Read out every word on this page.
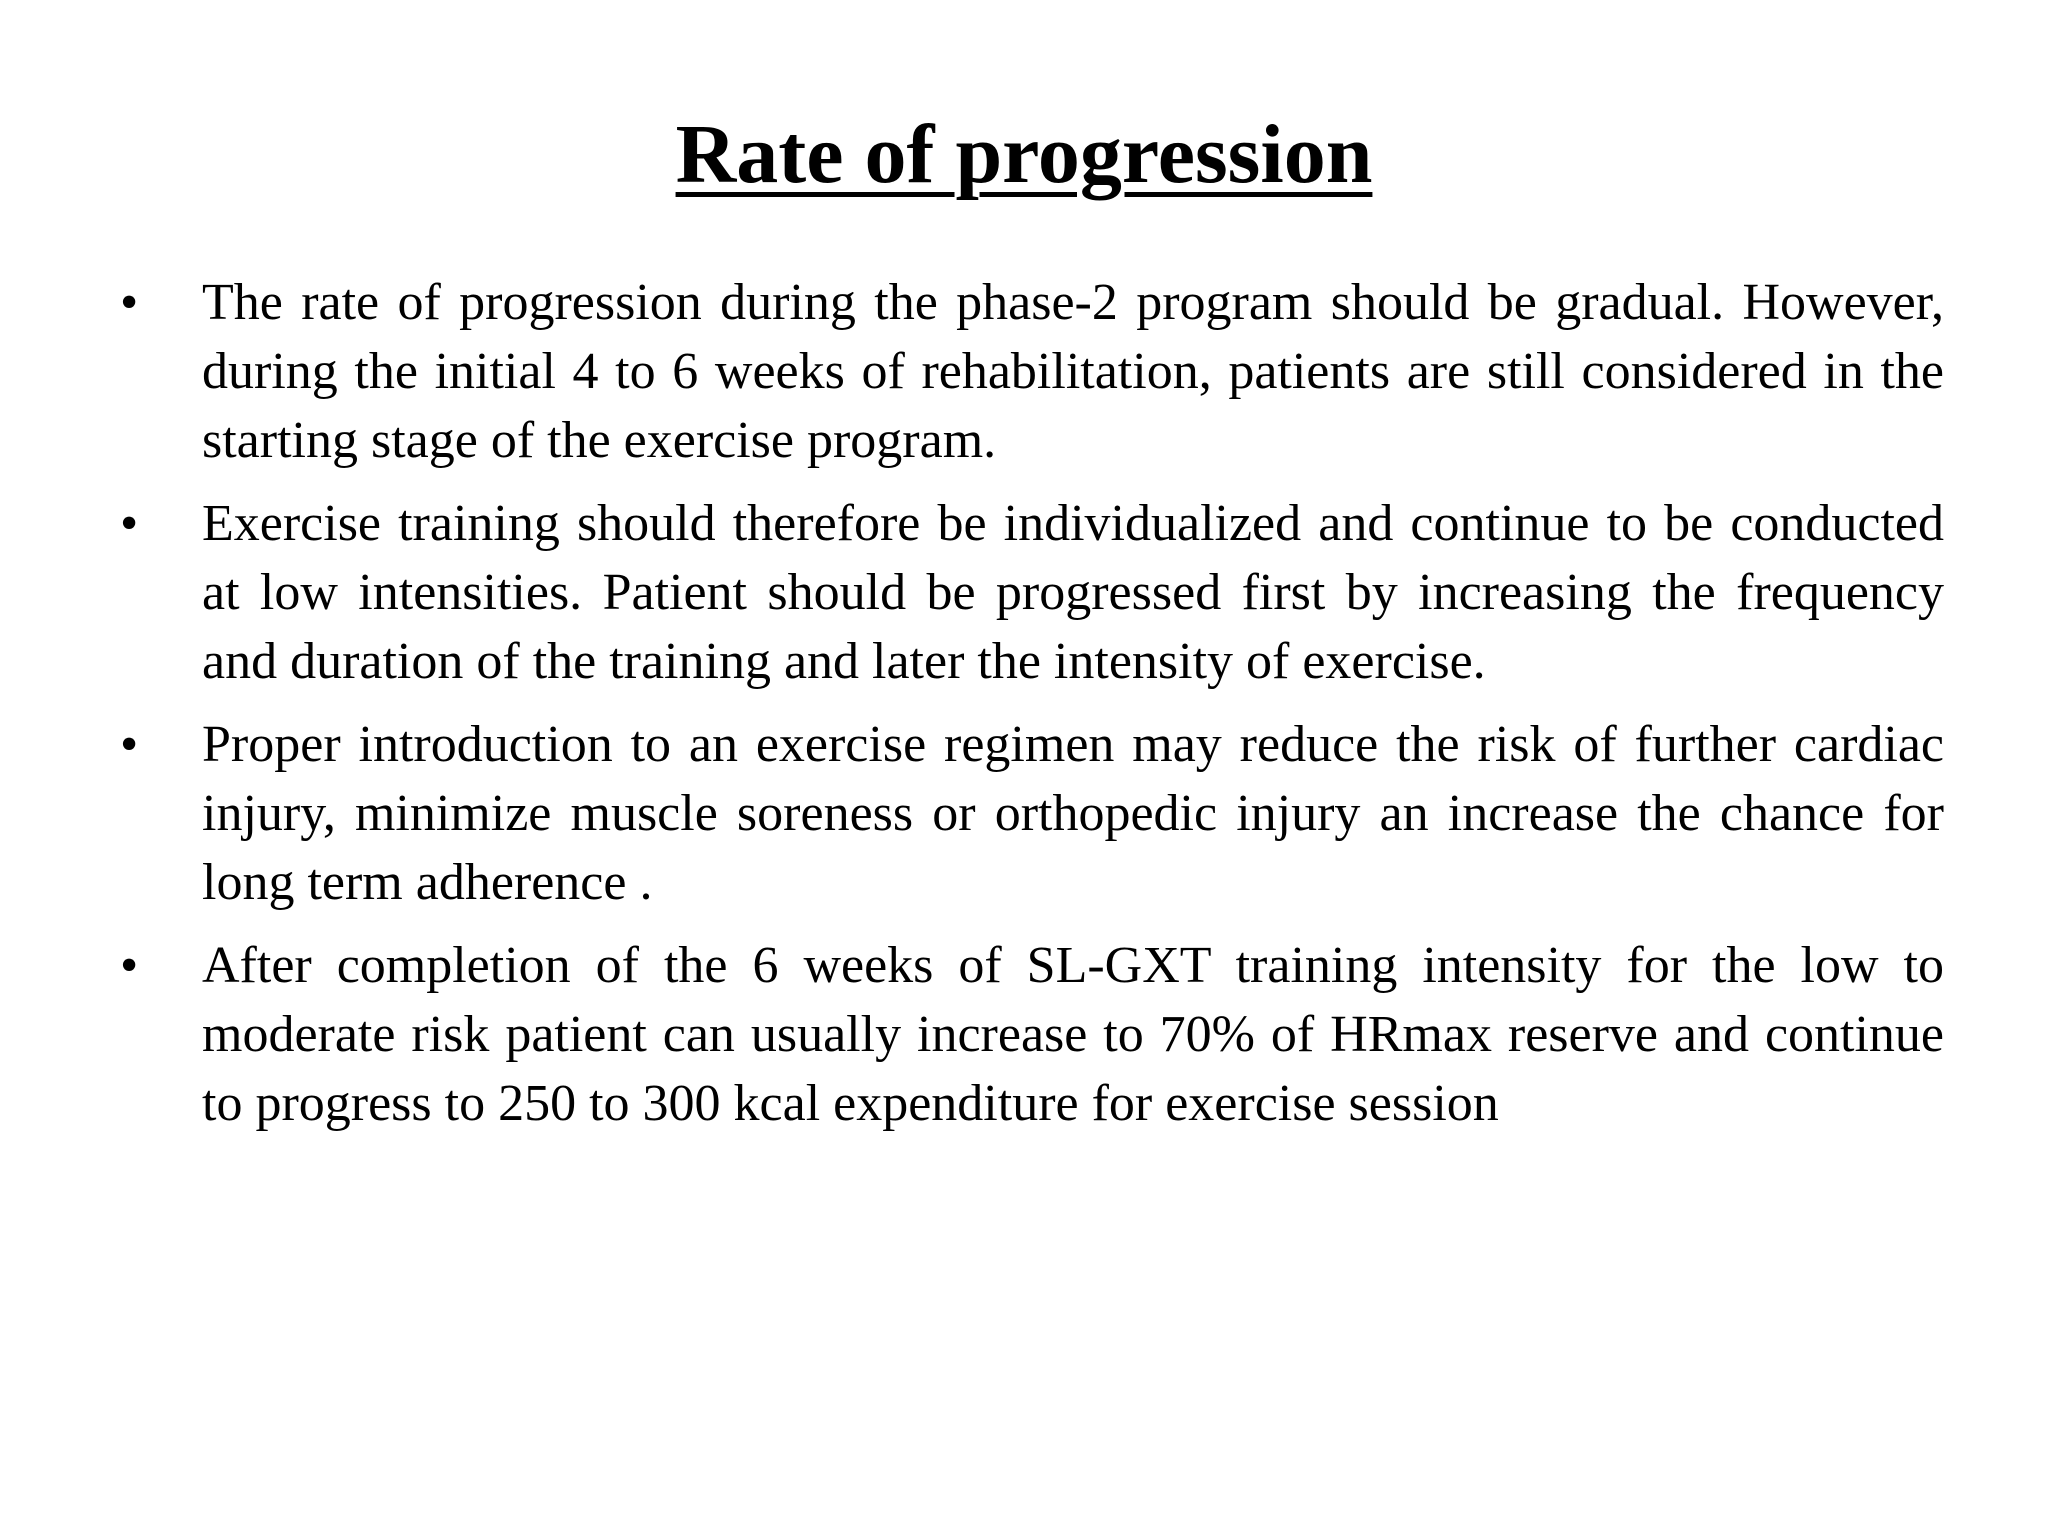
Rate of progression
• The rate of progression during the phase-2 program should be gradual. However, during the initial 4 to 6 weeks of rehabilitation, patients are still considered in the starting stage of the exercise program.

• Exercise training should therefore be individualized and continue to be conducted at low intensities. Patient should be progressed first by increasing the frequency and duration of the training and later the intensity of exercise.

• Proper introduction to an exercise regimen may reduce the risk of further cardiac injury, minimize muscle soreness or orthopedic injury an increase the chance for long term adherence .

• After completion of the 6 weeks of SL-GXT training intensity for the low to moderate risk patient can usually increase to 70% of HRmax reserve and continue to progress to 250 to 300 kcal expenditure for exercise session
